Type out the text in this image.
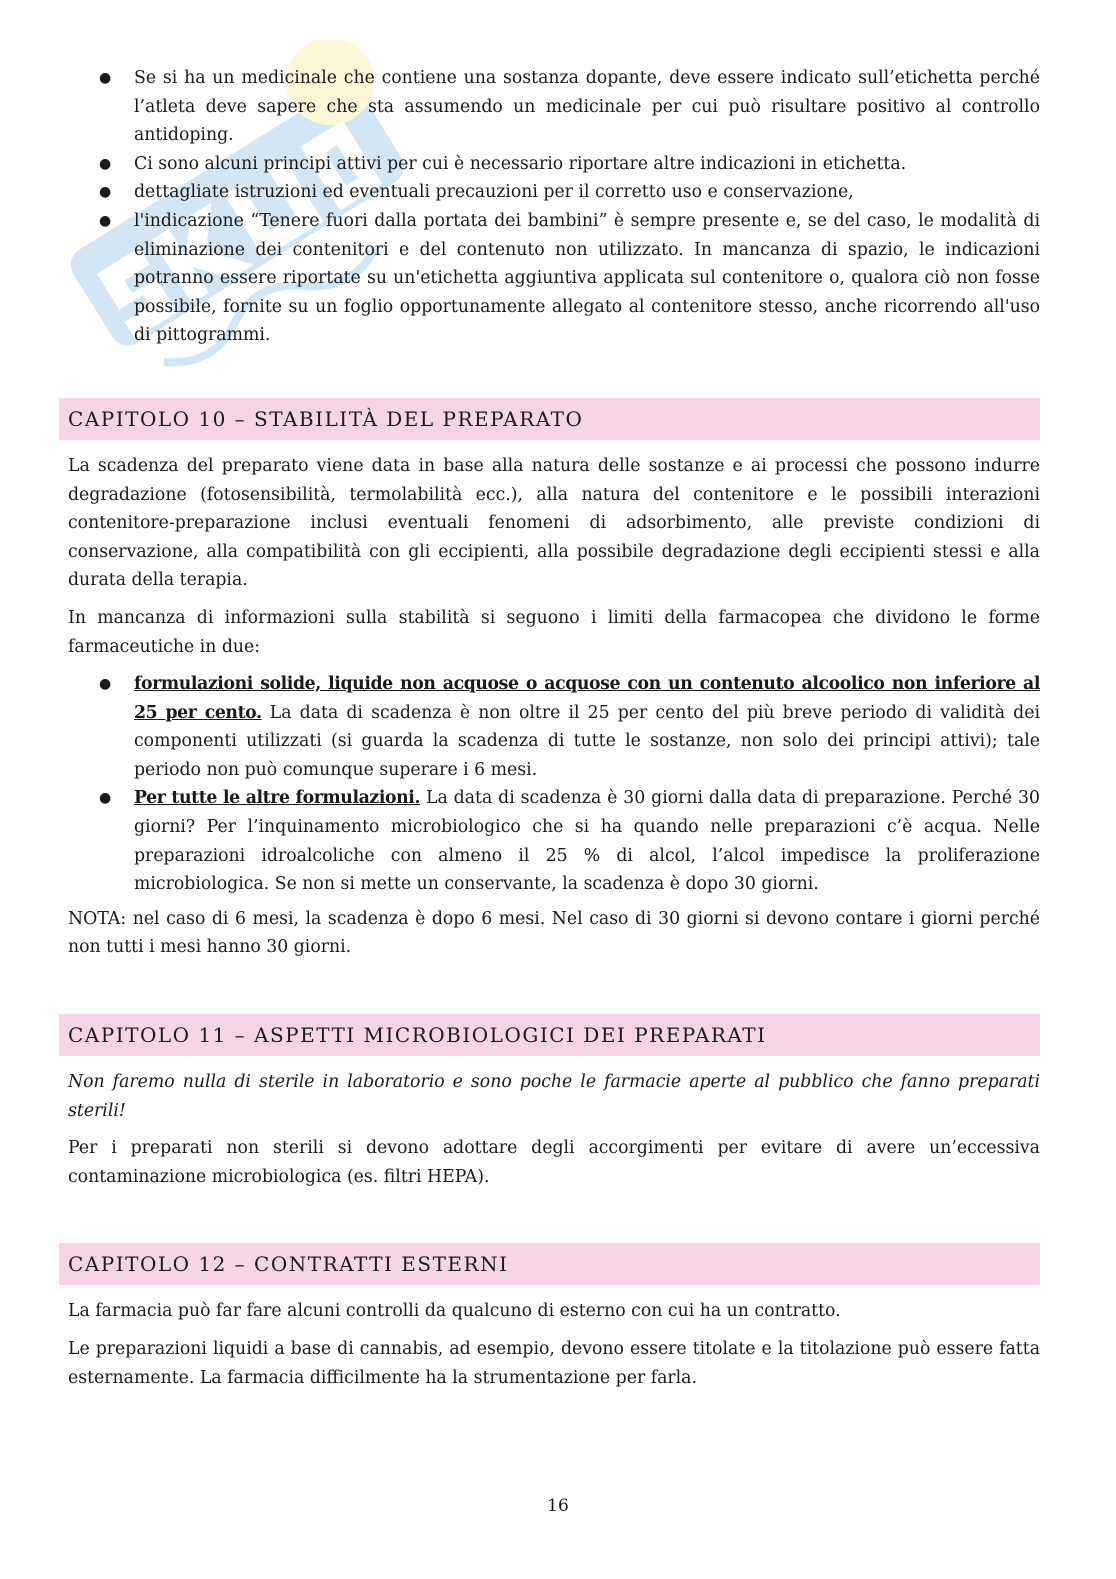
● Se si ha un medicinale che contiene una sostanza dopante, deve essere indicato sull’etichetta perché l’atleta deve sapere che sta assumendo un medicinale per cui può risultare positivo al controllo antidoping.
● Ci sono alcuni principi attivi per cui è necessario riportare altre indicazioni in etichetta.
● dettagliate istruzioni ed eventuali precauzioni per il corretto uso e conservazione,
● l'indicazione “Tenere fuori dalla portata dei bambini” è sempre presente e, se del caso, le modalità di eliminazione dei contenitori e del contenuto non utilizzato. In mancanza di spazio, le indicazioni potranno essere riportate su un'etichetta aggiuntiva applicata sul contenitore o, qualora ciò non fosse possibile, fornite su un foglio opportunamente allegato al contenitore stesso, anche ricorrendo all'uso di pittogrammi.
CAPITOLO 10 – STABILITÀ DEL PREPARATO

La scadenza del preparato viene data in base alla natura delle sostanze e ai processi che possono indurre degradazione (fotosensibilità, termolabilità ecc.), alla natura del contenitore e le possibili interazioni contenitore-preparazione inclusi eventuali fenomeni di adsorbimento, alle previste condizioni di conservazione, alla compatibilità con gli eccipienti, alla possibile degradazione degli eccipienti stessi e alla durata della terapia.

In mancanza di informazioni sulla stabilità si seguono i limiti della farmacopea che dividono le forme farmaceutiche in due:

● formulazioni solide, liquide non acquose o acquose con un contenuto alcoolico non inferiore al 25 per cento. La data di scadenza è non oltre il 25 per cento del più breve periodo di validità dei componenti utilizzati (si guarda la scadenza di tutte le sostanze, non solo dei principi attivi); tale periodo non può comunque superare i 6 mesi.
● Per tutte le altre formulazioni. La data di scadenza è 30 giorni dalla data di preparazione. Perché 30 giorni? Per l’inquinamento microbiologico che si ha quando nelle preparazioni c’è acqua. Nelle preparazioni idroalcoliche con almeno il 25 % di alcol, l’alcol impedisce la proliferazione microbiologica. Se non si mette un conservante, la scadenza è dopo 30 giorni.

NOTA: nel caso di 6 mesi, la scadenza è dopo 6 mesi. Nel caso di 30 giorni si devono contare i giorni perché non tutti i mesi hanno 30 giorni.

CAPITOLO 11 – ASPETTI MICROBIOLOGICI DEI PREPARATI

Non faremo nulla di sterile in laboratorio e sono poche le farmacie aperte al pubblico che fanno preparati sterili!

Per i preparati non sterili si devono adottare degli accorgimenti per evitare di avere un’eccessiva contaminazione microbiologica (es. filtri HEPA).

CAPITOLO 12 – CONTRATTI ESTERNI

La farmacia può far fare alcuni controlli da qualcuno di esterno con cui ha un contratto.

Le preparazioni liquidi a base di cannabis, ad esempio, devono essere titolate e la titolazione può essere fatta esternamente. La farmacia difficilmente ha la strumentazione per farla.

16
